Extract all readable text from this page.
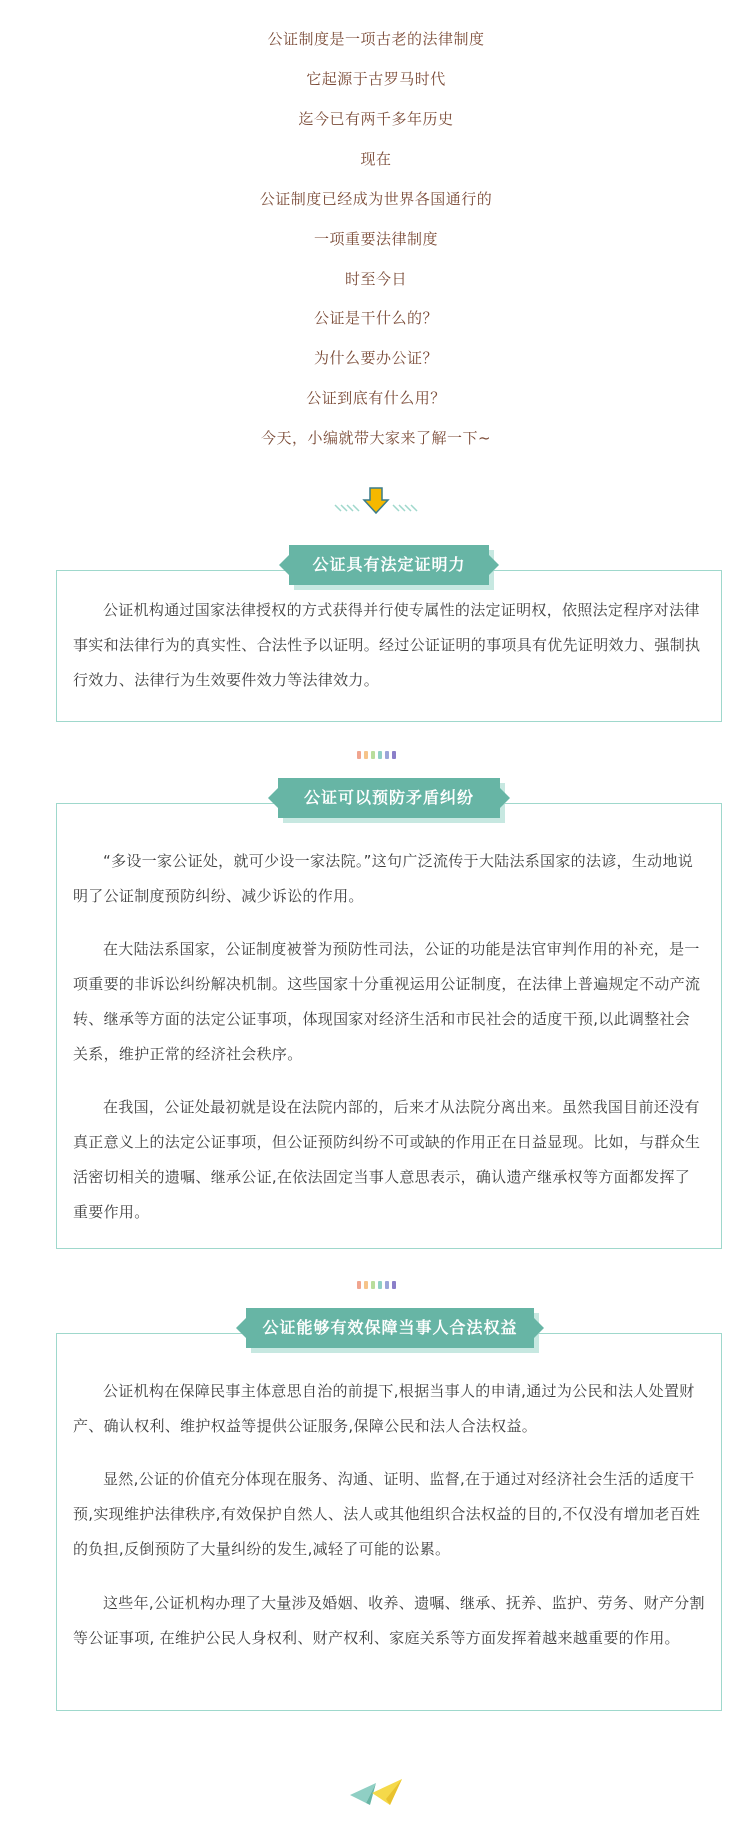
公证制度是一项古老的法律制度
它起源于古罗马时代
迄今已有两千多年历史
现在
公证制度已经成为世界各国通行的
一项重要法律制度
时至今日
公证是干什么的？
为什么要办公证？
公证到底有什么用？
今天，小编就带大家来了解一下~

公证机构通过国家法律授权的方式获得并行使专属性的法定证明权，依照法定程序对法律事实和法律行为的真实性、合法性予以证明。经过公证证明的事项具有优先证明效力、强制执行效力、法律行为生效要件效力等法律效力。

公证具有法定证明力

“多设一家公证处，就可少设一家法院。”这句广泛流传于大陆法系国家的法谚，生动地说明了公证制度预防纠纷、减少诉讼的作用。

在大陆法系国家，公证制度被誉为预防性司法，公证的功能是法官审判作用的补充，是一项重要的非诉讼纠纷解决机制。这些国家十分重视运用公证制度，在法律上普遍规定不动产流转、继承等方面的法定公证事项，体现国家对经济生活和市民社会的适度干预,以此调整社会关系，维护正常的经济社会秩序。

在我国，公证处最初就是设在法院内部的，后来才从法院分离出来。虽然我国目前还没有真正意义上的法定公证事项，但公证预防纠纷不可或缺的作用正在日益显现。比如，与群众生活密切相关的遗嘱、继承公证,在依法固定当事人意思表示，确认遗产继承权等方面都发挥了重要作用。

公证可以预防矛盾纠纷

公证机构在保障民事主体意思自治的前提下,根据当事人的申请,通过为公民和法人处置财产、确认权利、维护权益等提供公证服务,保障公民和法人合法权益。

显然,公证的价值充分体现在服务、沟通、证明、监督,在于通过对经济社会生活的适度干预,实现维护法律秩序,有效保护自然人、法人或其他组织合法权益的目的,不仅没有增加老百姓的负担,反倒预防了大量纠纷的发生,减轻了可能的讼累。

这些年,公证机构办理了大量涉及婚姻、收养、遗嘱、继承、抚养、监护、劳务、财产分割等公证事项, 在维护公民人身权利、财产权利、家庭关系等方面发挥着越来越重要的作用。

公证能够有效保障当事人合法权益
